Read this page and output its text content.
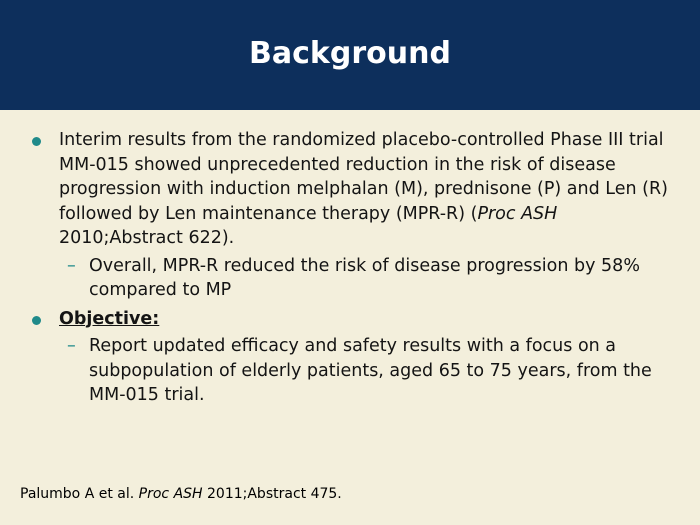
Background
Interim results from the randomized placebo-controlled Phase III trial MM-015 showed unprecedented reduction in the risk of disease progression with induction melphalan (M), prednisone (P) and Len (R) followed by Len maintenance therapy (MPR-R) (Proc ASH 2010;Abstract 622).
– Overall, MPR-R reduced the risk of disease progression by 58% compared to MP
Objective:
– Report updated efficacy and safety results with a focus on a subpopulation of elderly patients, aged 65 to 75 years, from the MM-015 trial.
Palumbo A et al. Proc ASH 2011;Abstract 475.
